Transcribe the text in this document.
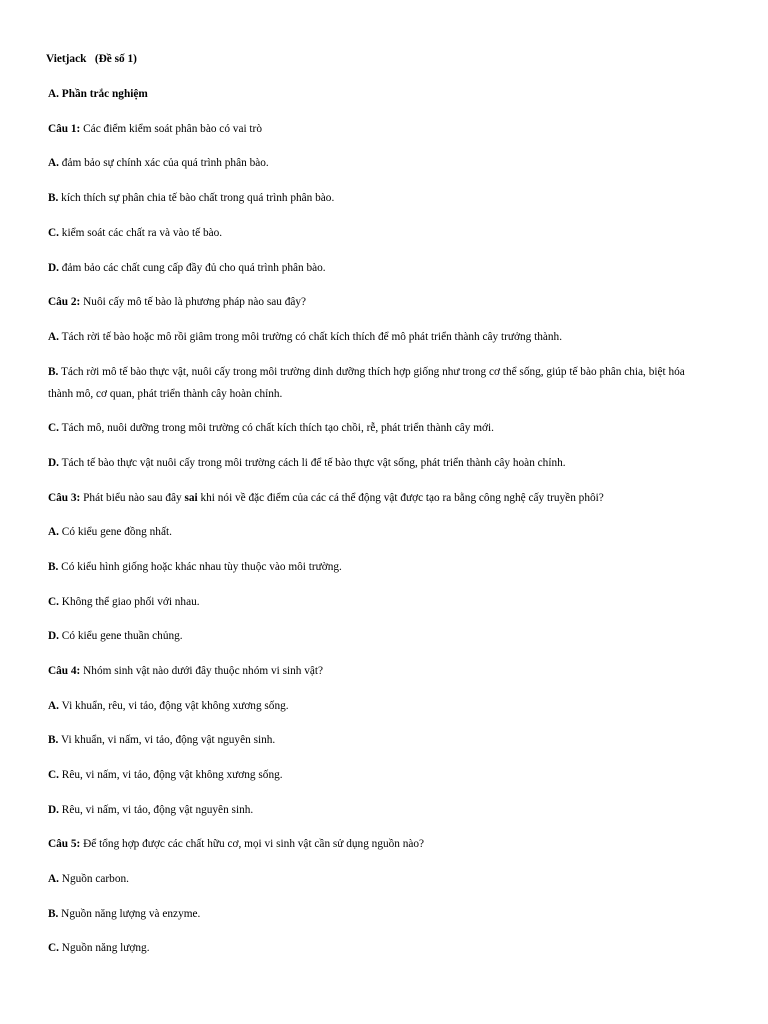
Vietjack (Đề số 1)
A. Phần trắc nghiệm
Câu 1: Các điểm kiểm soát phân bào có vai trò
A. đảm bảo sự chính xác của quá trình phân bào.
B. kích thích sự phân chia tế bào chất trong quá trình phân bào.
C. kiểm soát các chất ra và vào tế bào.
D. đảm bảo các chất cung cấp đầy đủ cho quá trình phân bào.
Câu 2: Nuôi cấy mô tế bào là phương pháp nào sau đây?
A. Tách rời tế bào hoặc mô rồi giâm trong môi trường có chất kích thích để mô phát triển thành cây trưởng thành.
B. Tách rời mô tế bào thực vật, nuôi cấy trong môi trường dinh dưỡng thích hợp giống như trong cơ thể sống, giúp tế bào phân chia, biệt hóa
thành mô, cơ quan, phát triển thành cây hoàn chỉnh.
C. Tách mô, nuôi dưỡng trong môi trường có chất kích thích tạo chồi, rễ, phát triển thành cây mới.
D. Tách tế bào thực vật nuôi cấy trong môi trường cách li để tế bào thực vật sống, phát triển thành cây hoàn chỉnh.
Câu 3: Phát biểu nào sau đây sai khi nói về đặc điểm của các cá thể động vật được tạo ra bằng công nghệ cấy truyền phôi?
A. Có kiểu gene đồng nhất.
B. Có kiểu hình giống hoặc khác nhau tùy thuộc vào môi trường.
C. Không thể giao phối với nhau.
D. Có kiểu gene thuần chủng.
Câu 4: Nhóm sinh vật nào dưới đây thuộc nhóm vi sinh vật?
A. Vi khuẩn, rêu, vi tảo, động vật không xương sống.
B. Vi khuẩn, vi nấm, vi tảo, động vật nguyên sinh.
C. Rêu, vi nấm, vi tảo, động vật không xương sống.
D. Rêu, vi nấm, vi tảo, động vật nguyên sinh.
Câu 5: Để tổng hợp được các chất hữu cơ, mọi vi sinh vật cần sử dụng nguồn nào?
A. Nguồn carbon.
B. Nguồn năng lượng và enzyme.
C. Nguồn năng lượng.
